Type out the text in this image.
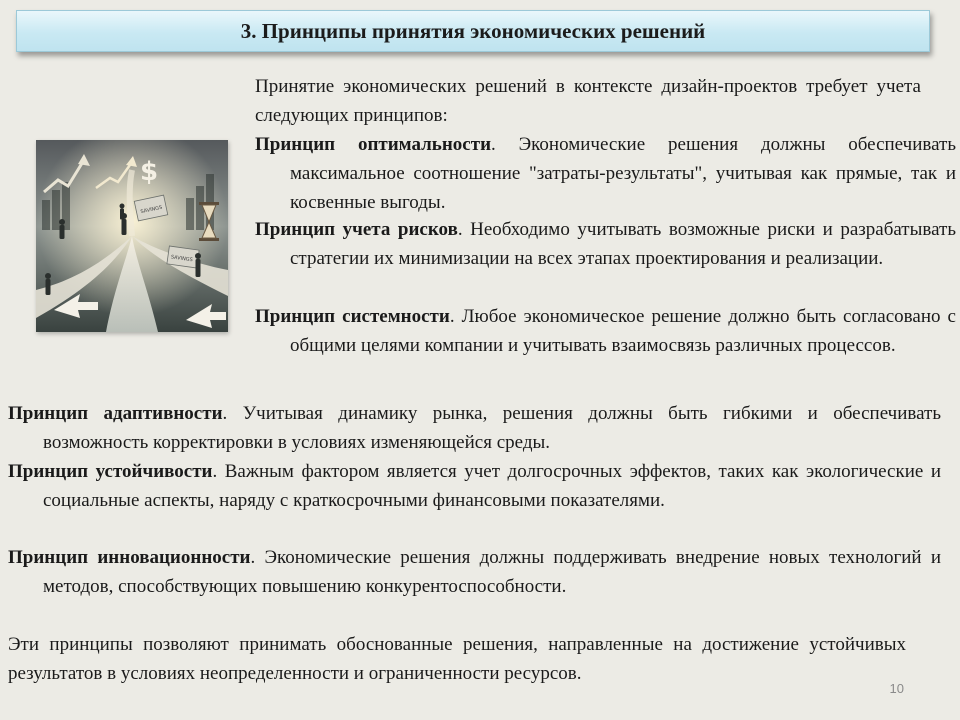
3. Принципы принятия экономических решений
$
SAVINGS
SAVINGS

Принятие экономических решений в контексте дизайн-проектов требует учета следующих принципов:

Принцип оптимальности. Экономические решения должны обеспечивать максимальное соотношение "затраты-результаты", учитывая как прямые, так и косвенные выгоды.

Принцип учета рисков. Необходимо учитывать возможные риски и разрабатывать стратегии их минимизации на всех этапах проектирования и реализации.

Принцип системности. Любое экономическое решение должно быть согласовано с общими целями компании и учитывать взаимосвязь различных процессов.

Принцип адаптивности. Учитывая динамику рынка, решения должны быть гибкими и обеспечивать возможность корректировки в условиях изменяющейся среды.

Принцип устойчивости. Важным фактором является учет долгосрочных эффектов, таких как экологические и социальные аспекты, наряду с краткосрочными финансовыми показателями.

Принцип инновационности. Экономические решения должны поддерживать внедрение новых технологий и методов, способствующих повышению конкурентоспособности.

Эти принципы позволяют принимать обоснованные решения, направленные на достижение устойчивых результатов в условиях неопределенности и ограниченности ресурсов.

10
